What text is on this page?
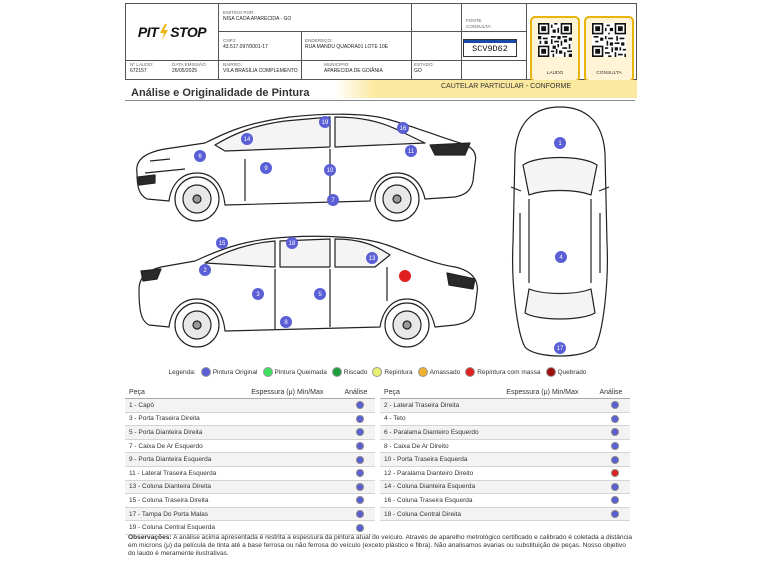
PIT STOP
EMITIDO POR:
NISA CAOA APARECIDA - GO
CNPJ:
43.517.097/0001-17
ENDEREÇO:
RUA MANDU QUADRA01 LOTE 10E
Nº LAUDO:
672157
DATA EMISSÃO:
26/05/2025
BAIRRO:
VILA BRASÍLIA COMPLEMENTO
MUNICÍPIO:
APARECIDA DE GOIÂNIA
ESTADO:
GO
FONTE
CONSULTA:
SCV9D62
LAUDO	CONSULTA
CAUTELAR PARTICULAR - CONFORME
Análise e Originalidade de Pintura
1
2
3
4
5
6
7
8
9	10
11
13
14
15
16
17
18
19
Legenda:	Pintura Original	Pintura Queimada	Riscado	Repintura	Amassado	Repintura com massa	Quebrado
Peça	Espessura (μ) Min/Max	Análise
1 - Capô
3 - Porta Traseira Direita
5 - Porta Dianteira Direita
7 - Caixa De Ar Esquerdo
9 - Porta Dianteira Esquerda
11 - Lateral Traseira Esquerda
13 - Coluna Dianteira Direita
15 - Coluna Traseira Direita
17 - Tampa Do Porta Malas
19 - Coluna Central Esquerda
Peça	Espessura (μ) Min/Max	Análise
2 - Lateral Traseira Direita
4 - Teto
6 - Paralama Dianteiro Esquerdo
8 - Caixa De Ar Direito
10 - Porta Traseira Esquerda
12 - Paralama Dianteiro Direito
14 - Coluna Dianteira Esquerda
16 - Coluna Traseira Esquerda
18 - Coluna Central Direita
Observações: A análise acima apresentada é restrita a espessura da pintura atual do veículo. Através de aparelho metrológico certificado e calibrado é coletada a distância em microns (μ) da película de tinta até a base ferrosa ou não ferrosa do veículo (exceto plástico e fibra). Não analisamos avarias ou substituição de peças. Nosso objetivo do laudo é meramente ilustrativas.
